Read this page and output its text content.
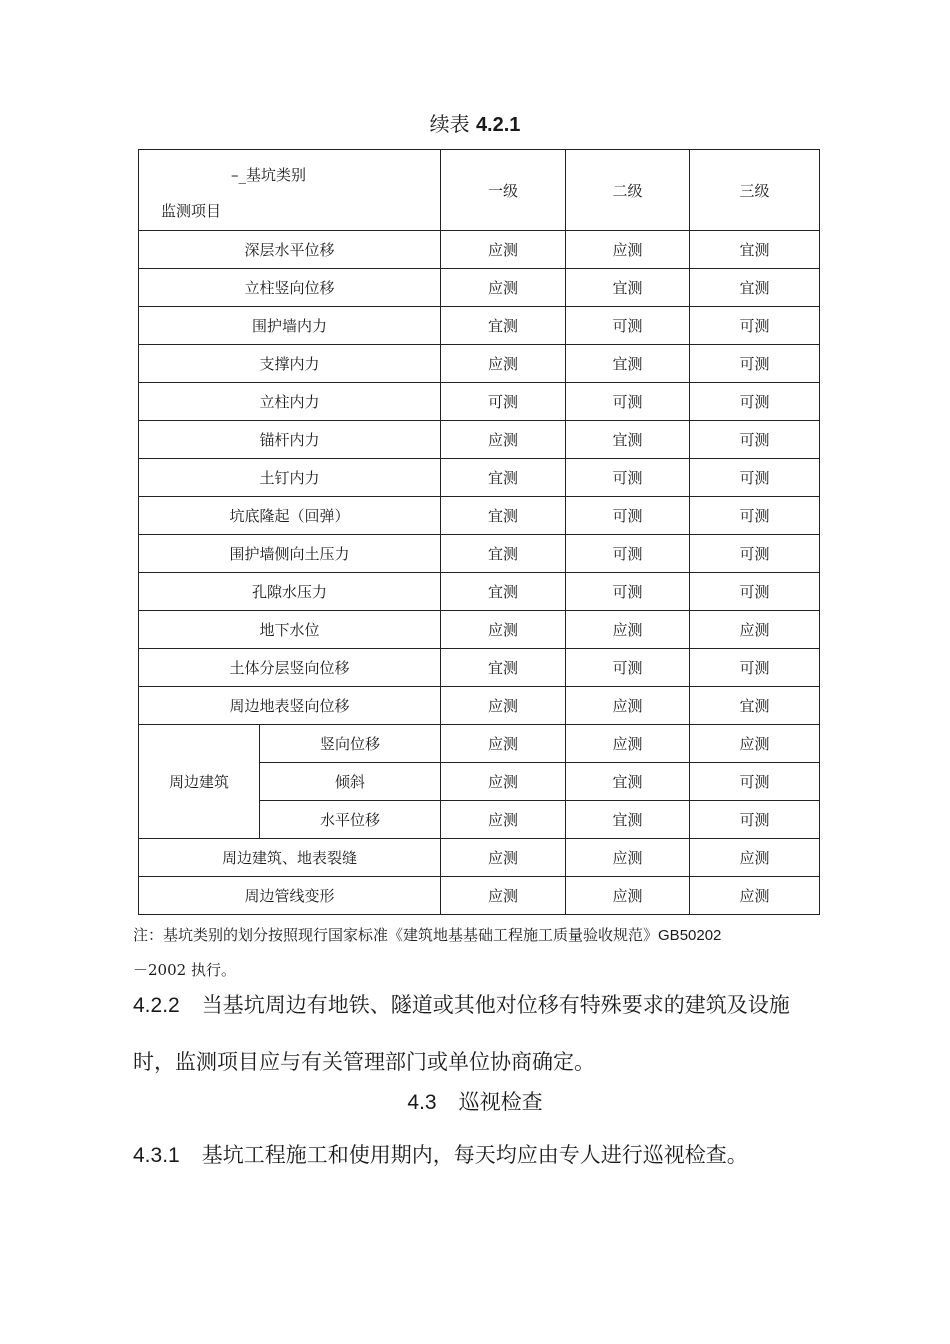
续表 4.2.1
–_基坑类别
监测项目		一级	二级	三级
深层水平位移		应测	应测	宜测
立柱竖向位移		应测	宜测	宜测
围护墙内力		宜测	可测	可测
支撑内力		应测	宜测	可测
立柱内力		可测	可测	可测
锚杆内力		应测	宜测	可测
土钉内力		宜测	可测	可测
坑底隆起（回弹）		宜测	可测	可测
围护墙侧向土压力		宜测	可测	可测
孔隙水压力		宜测	可测	可测
地下水位		应测	应测	应测
土体分层竖向位移		宜测	可测	可测
周边地表竖向位移		应测	应测	宜测
周边建筑	竖向位移	应测	应测	应测
	倾斜	应测	宜测	可测
	水平位移	应测	宜测	可测
周边建筑、地表裂缝		应测	应测	应测
周边管线变形		应测	应测	应测
注：基坑类别的划分按照现行国家标准《建筑地基基础工程施工质量验收规范》GB50202
－2002 执行。
4.2.2 当基坑周边有地铁、隧道或其他对位移有特殊要求的建筑及设施时，监测项目应与有关管理部门或单位协商确定。
4.3 巡视检查
4.3.1 基坑工程施工和使用期内，每天均应由专人进行巡视检查。
